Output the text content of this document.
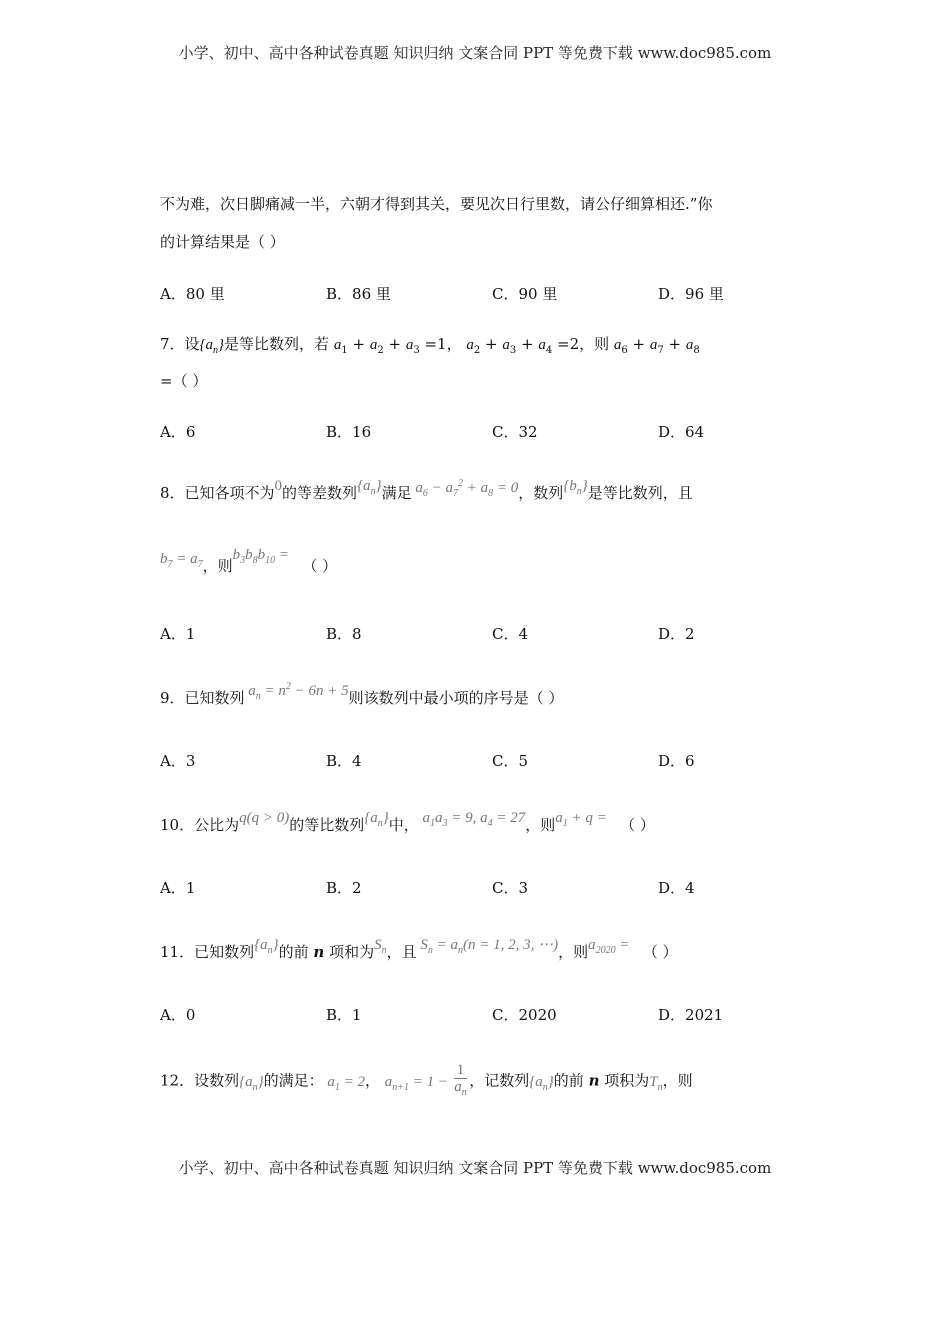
小学、初中、高中各种试卷真题 知识归纳 文案合同 PPT 等免费下载 www.doc985.com
不为难，次日脚痛减一半，六朝才得到其关，要见次日行里数，请公仔细算相还.”你
的计算结果是（ ）
A．80 里	B．86 里	C．90 里	D．96 里
7．设$\{a_n\}$是等比数列，若 $a_1 + a_2 + a_3 =1$， $a_2 + a_3 + a_4 =2$，则 $a_6 + a_7 + a_8$
=（ ）
A．6	B．16	C．32	D．64
8．已知各项不为0的等差数列$\{a_n\}$满足 $a_6 - a_7^2 + a_8 = 0$，数列$\{b_n\}$是等比数列，且
$b_7 = a_7$，则$b_3b_8b_{10}$ =   （ ）
A．1	B．8	C．4	D．2
9．已知数列 $a_n = n^2 - 6n + 5$则该数列中最小项的序号是（ ）
A．3	B．4	C．5	D．6
10．公比为q(q > 0)的等比数列$\{a_n\}$中， $a_1a_3 = 9$, $a_4 = 27$，则$a_1 + q$ =   （ ）
A．1	B．2	C．3	D．4
11．已知数列$\{a_n\}$的前 n 项和为$S_n$，且 $S_n = a_n(n = 1$, 2, 3, ⋯)，则$a_{2020}$ =   （ ）
A．0	B．1	C．2020	D．2021
12．设数列$\{a_n\}$的满足： $a_1 = 2$， $a_{n+1} = 1 - \frac{1}{a_n}$ ，记数列$\{a_n\}$的前 n 项积为$T_n$，则
小学、初中、高中各种试卷真题 知识归纳 文案合同 PPT 等免费下载 www.doc985.com
